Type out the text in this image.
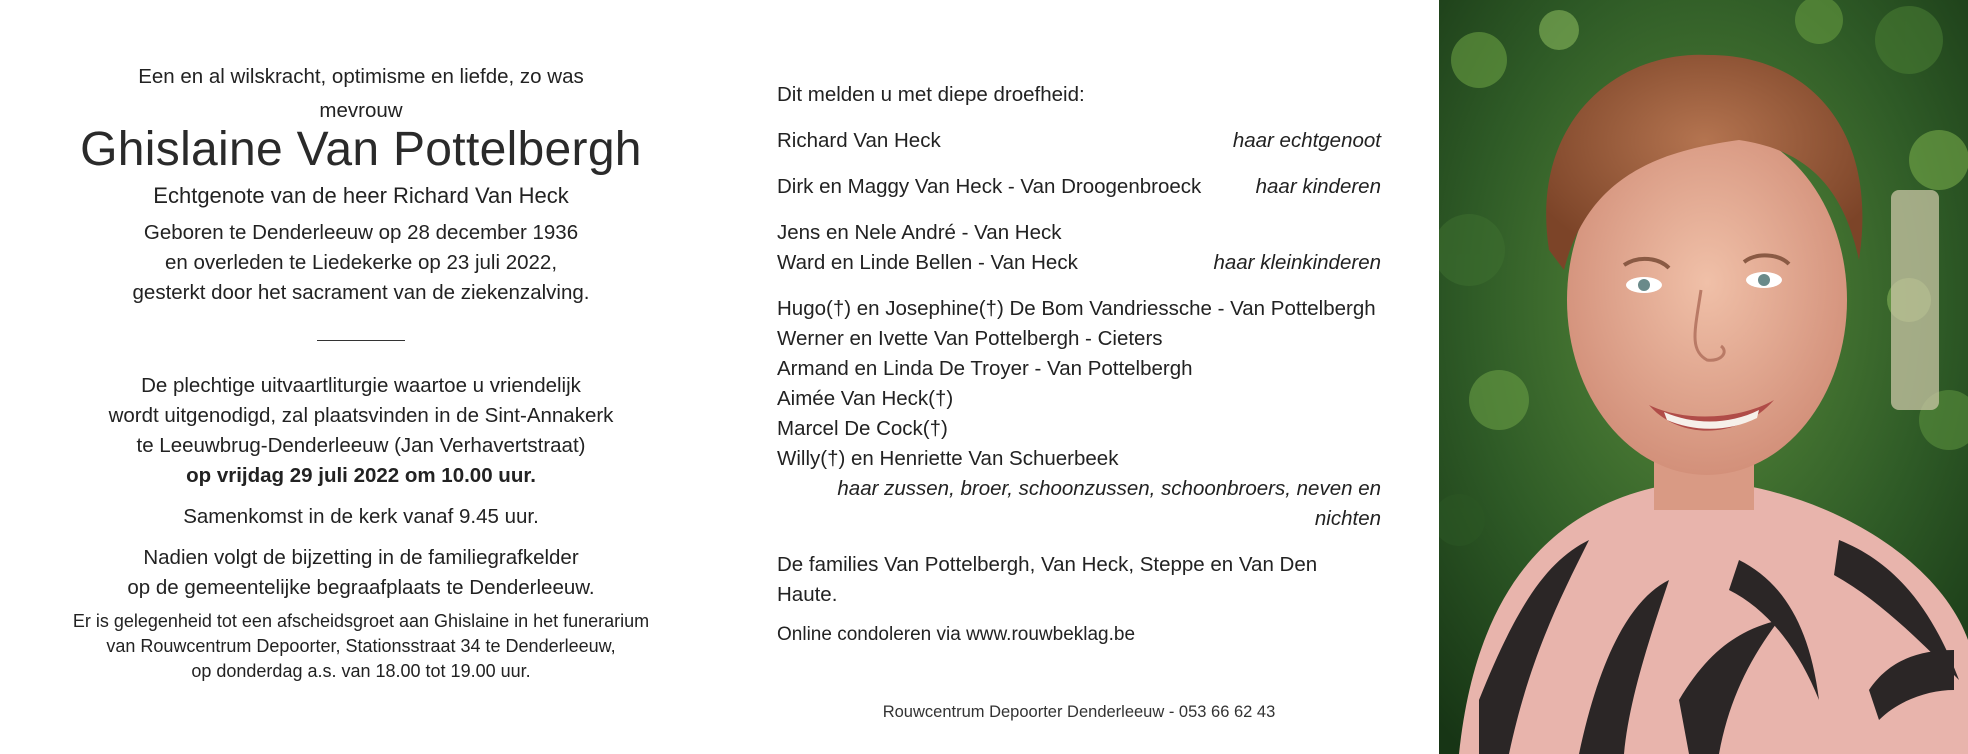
Een en al wilskracht, optimisme en liefde, zo was

mevrouw

Ghislaine Van Pottelbergh

Echtgenote van de heer Richard Van Heck

Geboren te Denderleeuw op 28 december 1936

en overleden te Liedekerke op 23 juli 2022,

gesterkt door het sacrament van de ziekenzalving.

De plechtige uitvaartliturgie waartoe u vriendelijk

wordt uitgenodigd, zal plaatsvinden in de Sint-Annakerk

te Leeuwbrug-Denderleeuw (Jan Verhavertstraat)

op vrijdag 29 juli 2022 om 10.00 uur.

Samenkomst in de kerk vanaf 9.45 uur.

Nadien volgt de bijzetting in de familiegrafkelder

op de gemeentelijke begraafplaats te Denderleeuw.

Er is gelegenheid tot een afscheidsgroet aan Ghislaine in het funerarium

van Rouwcentrum Depoorter, Stationsstraat 34 te Denderleeuw,

op donderdag a.s. van 18.00 tot 19.00 uur.

Dit melden u met diepe droefheid:
Richard Van Heck	haar echtgenoot
Dirk en Maggy Van Heck - Van Droogenbroeck	haar kinderen
Jens en Nele André - Van Heck
Ward en Linde Bellen - Van Heck	haar kleinkinderen
Hugo(†) en Josephine(†) De Bom Vandriessche - Van Pottelbergh
Werner en Ivette Van Pottelbergh - Cieters
Armand en Linda De Troyer - Van Pottelbergh
Aimée Van Heck(†)
Marcel De Cock(†)
Willy(†) en Henriette Van Schuerbeek
haar zussen, broer, schoonzussen, schoonbroers, neven en nichten
De families Van Pottelbergh, Van Heck, Steppe en Van Den Haute.
Online condoleren via www.rouwbeklag.be
Rouwcentrum Depoorter Denderleeuw - 053 66 62 43
